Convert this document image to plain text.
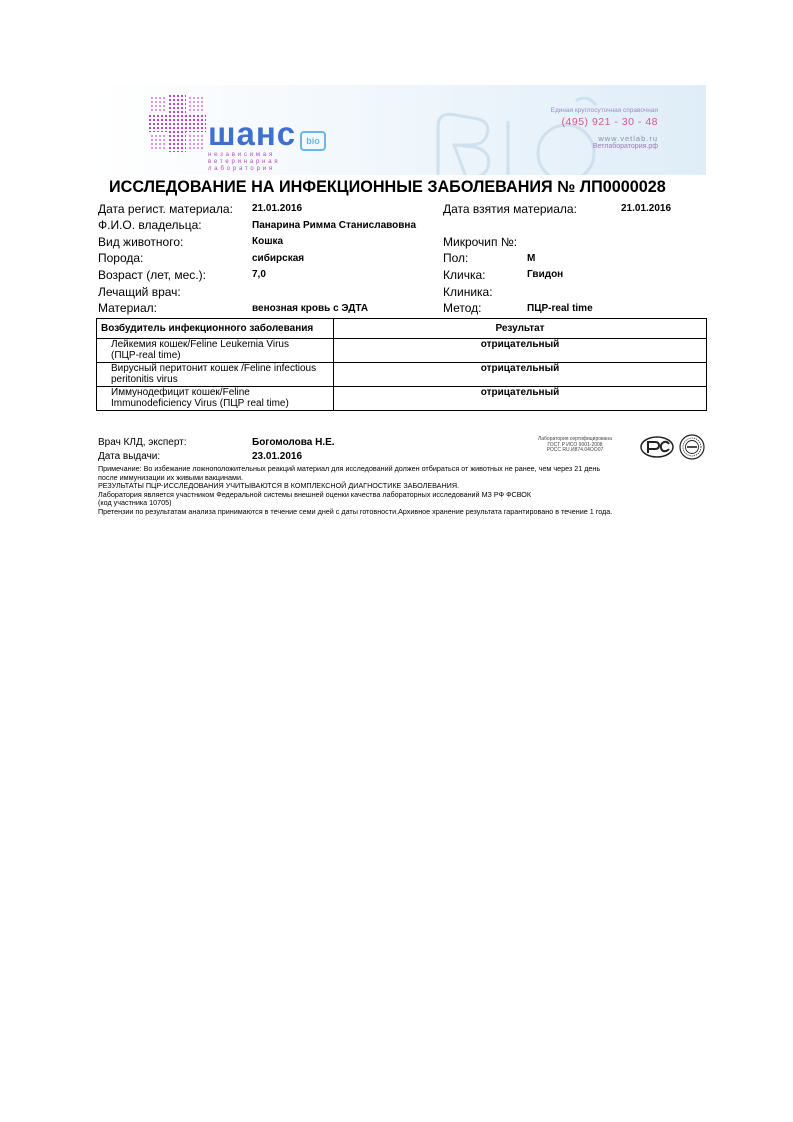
шанс	bio
независимая ветеринарная лаборатория
Единая круглосуточная справочная
(495) 921 - 30 - 48
www.vetlab.ru
Ветлаборатория.рф
ИССЛЕДОВАНИЕ НА ИНФЕКЦИОННЫЕ ЗАБОЛЕВАНИЯ № ЛП0000028
Дата регист. материала: 21.01.2016
Ф.И.О. владельца:	Панарина Римма Станиславовна
Вид животного:	Кошка
Порода:	сибирская
Возраст (лет, мес.):	7,0
Лечащий врач:
Материал:	венозная кровь с ЭДТА
Дата взятия материала:	21.01.2016
Микрочип №:
Пол:	М
Кличка:	Гвидон
Клиника:
Метод:	ПЦР-real time
Возбудитель инфекционного заболевания	Результат
Лейкемия кошек/Feline Leukemia Virus
(ПЦР-real time)	отрицательный
Вирусный перитонит кошек /Feline infectious
peritonitis virus	отрицательный
Иммунодефицит кошек/Feline
Immunodeficiency Virus (ПЦР real time)	отрицательный
Врач КЛД, эксперт:	Богомолова Н.Е.
Дата выдачи:	23.01.2016
Лаборатория сертифицирована
ГОСТ Р ИСО 9001-2008
РОСС RU.И874.04ОО07
Примечание: Во избежание ложноположительных реакций материал для исследований должен отбираться от животных не ранее, чем через 21 день
после иммунизации их живыми вакцинами.
РЕЗУЛЬТАТЫ ПЦР-ИССЛЕДОВАНИЯ УЧИТЫВАЮТСЯ В КОМПЛЕКСНОЙ ДИАГНОСТИКЕ ЗАБОЛЕВАНИЯ.
Лаборатория является участником Федеральной системы внешней оценки качества лабораторных исследований МЗ РФ ФСВОК
(код участника 10705)
Претензии по результатам анализа принимаются в течение семи дней с даты готовности.Архивное хранение результата гарантировано в течение 1 года.
